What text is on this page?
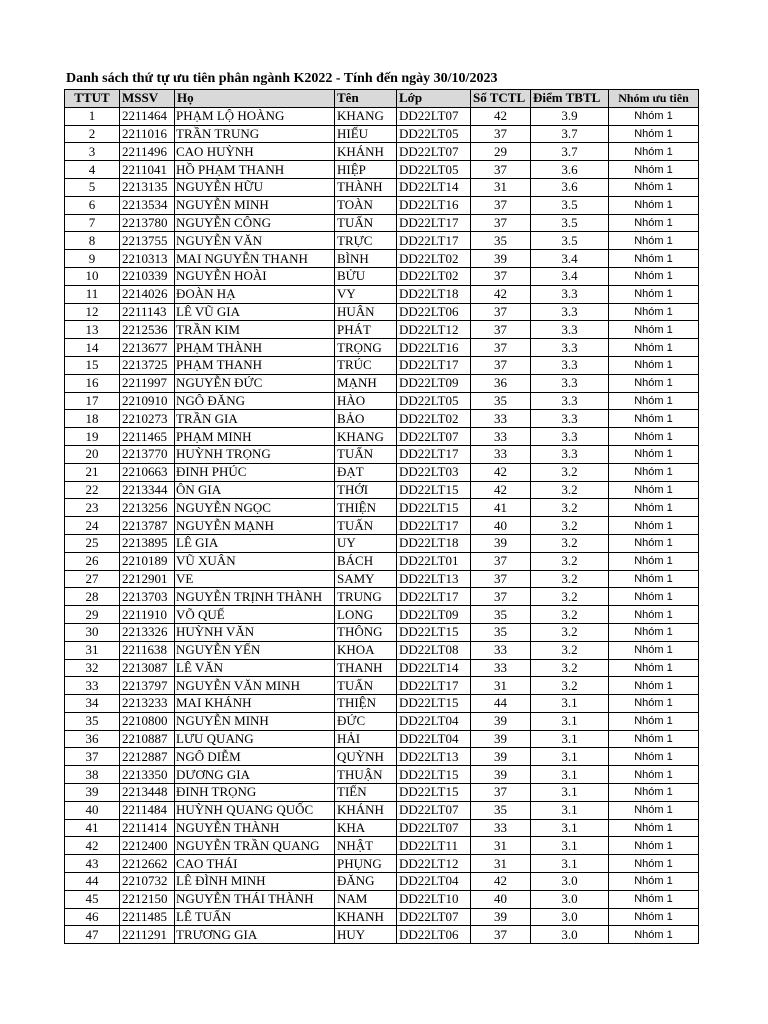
Danh sách thứ tự ưu tiên phân ngành K2022 - Tính đến ngày 30/10/2023
TTUT	MSSV	Họ	Tên	Lớp	Số TCTL	Điểm TBTL	Nhóm ưu tiên
1	2211464	PHẠM LỘ HOÀNG	KHANG	DD22LT07	42	3.9	Nhóm 1
2	2211016	TRẦN TRUNG	HIẾU	DD22LT05	37	3.7	Nhóm 1
3	2211496	CAO HUỲNH	KHÁNH	DD22LT07	29	3.7	Nhóm 1
4	2211041	HỒ PHẠM THANH	HIỆP	DD22LT05	37	3.6	Nhóm 1
5	2213135	NGUYỄN HỮU	THÀNH	DD22LT14	31	3.6	Nhóm 1
6	2213534	NGUYỄN MINH	TOÀN	DD22LT16	37	3.5	Nhóm 1
7	2213780	NGUYỄN CÔNG	TUẤN	DD22LT17	37	3.5	Nhóm 1
8	2213755	NGUYỄN VĂN	TRỰC	DD22LT17	35	3.5	Nhóm 1
9	2210313	MAI NGUYỄN THANH	BÌNH	DD22LT02	39	3.4	Nhóm 1
10	2210339	NGUYỄN HOÀI	BỬU	DD22LT02	37	3.4	Nhóm 1
11	2214026	ĐOÀN HẠ	VY	DD22LT18	42	3.3	Nhóm 1
12	2211143	LÊ VŨ GIA	HUÂN	DD22LT06	37	3.3	Nhóm 1
13	2212536	TRẦN KIM	PHÁT	DD22LT12	37	3.3	Nhóm 1
14	2213677	PHẠM THÀNH	TRỌNG	DD22LT16	37	3.3	Nhóm 1
15	2213725	PHẠM THANH	TRÚC	DD22LT17	37	3.3	Nhóm 1
16	2211997	NGUYỄN ĐỨC	MẠNH	DD22LT09	36	3.3	Nhóm 1
17	2210910	NGÔ ĐĂNG	HÀO	DD22LT05	35	3.3	Nhóm 1
18	2210273	TRẦN GIA	BẢO	DD22LT02	33	3.3	Nhóm 1
19	2211465	PHẠM MINH	KHANG	DD22LT07	33	3.3	Nhóm 1
20	2213770	HUỲNH TRỌNG	TUẤN	DD22LT17	33	3.3	Nhóm 1
21	2210663	ĐINH PHÚC	ĐẠT	DD22LT03	42	3.2	Nhóm 1
22	2213344	ÔN GIA	THỚI	DD22LT15	42	3.2	Nhóm 1
23	2213256	NGUYỄN NGỌC	THIỆN	DD22LT15	41	3.2	Nhóm 1
24	2213787	NGUYỄN MẠNH	TUẤN	DD22LT17	40	3.2	Nhóm 1
25	2213895	LÊ GIA	UY	DD22LT18	39	3.2	Nhóm 1
26	2210189	VŨ XUÂN	BÁCH	DD22LT01	37	3.2	Nhóm 1
27	2212901	VE	SAMY	DD22LT13	37	3.2	Nhóm 1
28	2213703	NGUYỄN TRỊNH THÀNH	TRUNG	DD22LT17	37	3.2	Nhóm 1
29	2211910	VÕ QUẾ	LONG	DD22LT09	35	3.2	Nhóm 1
30	2213326	HUỲNH VĂN	THÔNG	DD22LT15	35	3.2	Nhóm 1
31	2211638	NGUYỄN YẾN	KHOA	DD22LT08	33	3.2	Nhóm 1
32	2213087	LÊ VĂN	THANH	DD22LT14	33	3.2	Nhóm 1
33	2213797	NGUYỄN VĂN MINH	TUẤN	DD22LT17	31	3.2	Nhóm 1
34	2213233	MAI KHÁNH	THIỆN	DD22LT15	44	3.1	Nhóm 1
35	2210800	NGUYỄN MINH	ĐỨC	DD22LT04	39	3.1	Nhóm 1
36	2210887	LƯU QUANG	HẢI	DD22LT04	39	3.1	Nhóm 1
37	2212887	NGÔ DIỄM	QUỲNH	DD22LT13	39	3.1	Nhóm 1
38	2213350	DƯƠNG GIA	THUẬN	DD22LT15	39	3.1	Nhóm 1
39	2213448	ĐINH TRỌNG	TIẾN	DD22LT15	37	3.1	Nhóm 1
40	2211484	HUỲNH QUANG QUỐC	KHÁNH	DD22LT07	35	3.1	Nhóm 1
41	2211414	NGUYỄN THÀNH	KHA	DD22LT07	33	3.1	Nhóm 1
42	2212400	NGUYỄN TRẦN QUANG	NHẬT	DD22LT11	31	3.1	Nhóm 1
43	2212662	CAO THÁI	PHỤNG	DD22LT12	31	3.1	Nhóm 1
44	2210732	LÊ ĐÌNH MINH	ĐĂNG	DD22LT04	42	3.0	Nhóm 1
45	2212150	NGUYỄN THÁI THÀNH	NAM	DD22LT10	40	3.0	Nhóm 1
46	2211485	LÊ TUẤN	KHANH	DD22LT07	39	3.0	Nhóm 1
47	2211291	TRƯƠNG GIA	HUY	DD22LT06	37	3.0	Nhóm 1
